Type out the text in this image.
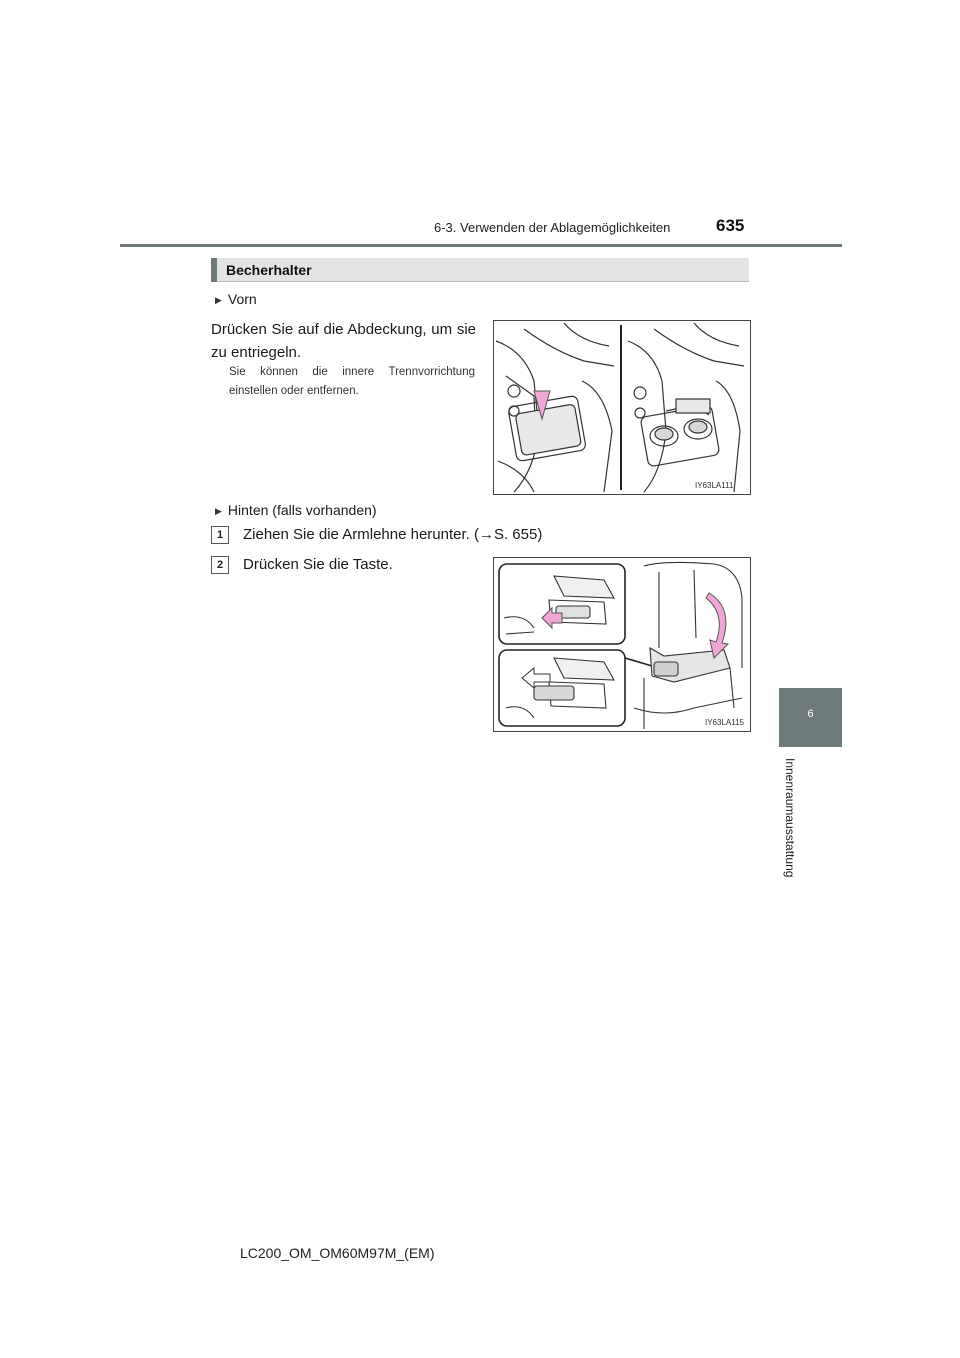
6-3. Verwenden der Ablagemöglichkeiten	635
6
Innenraumausstattung
Becherhalter
▶ Vorn
Drücken Sie auf die Abdeckung, um sie zu entriegeln.
Sie können die innere Trennvorrichtung einstellen oder entfernen.
IY63LA111
▶ Hinten (falls vorhanden)
1	Ziehen Sie die Armlehne herunter. (→S. 655)
2	Drücken Sie die Taste.
IY63LA115
LC200_OM_OM60M97M_(EM)
